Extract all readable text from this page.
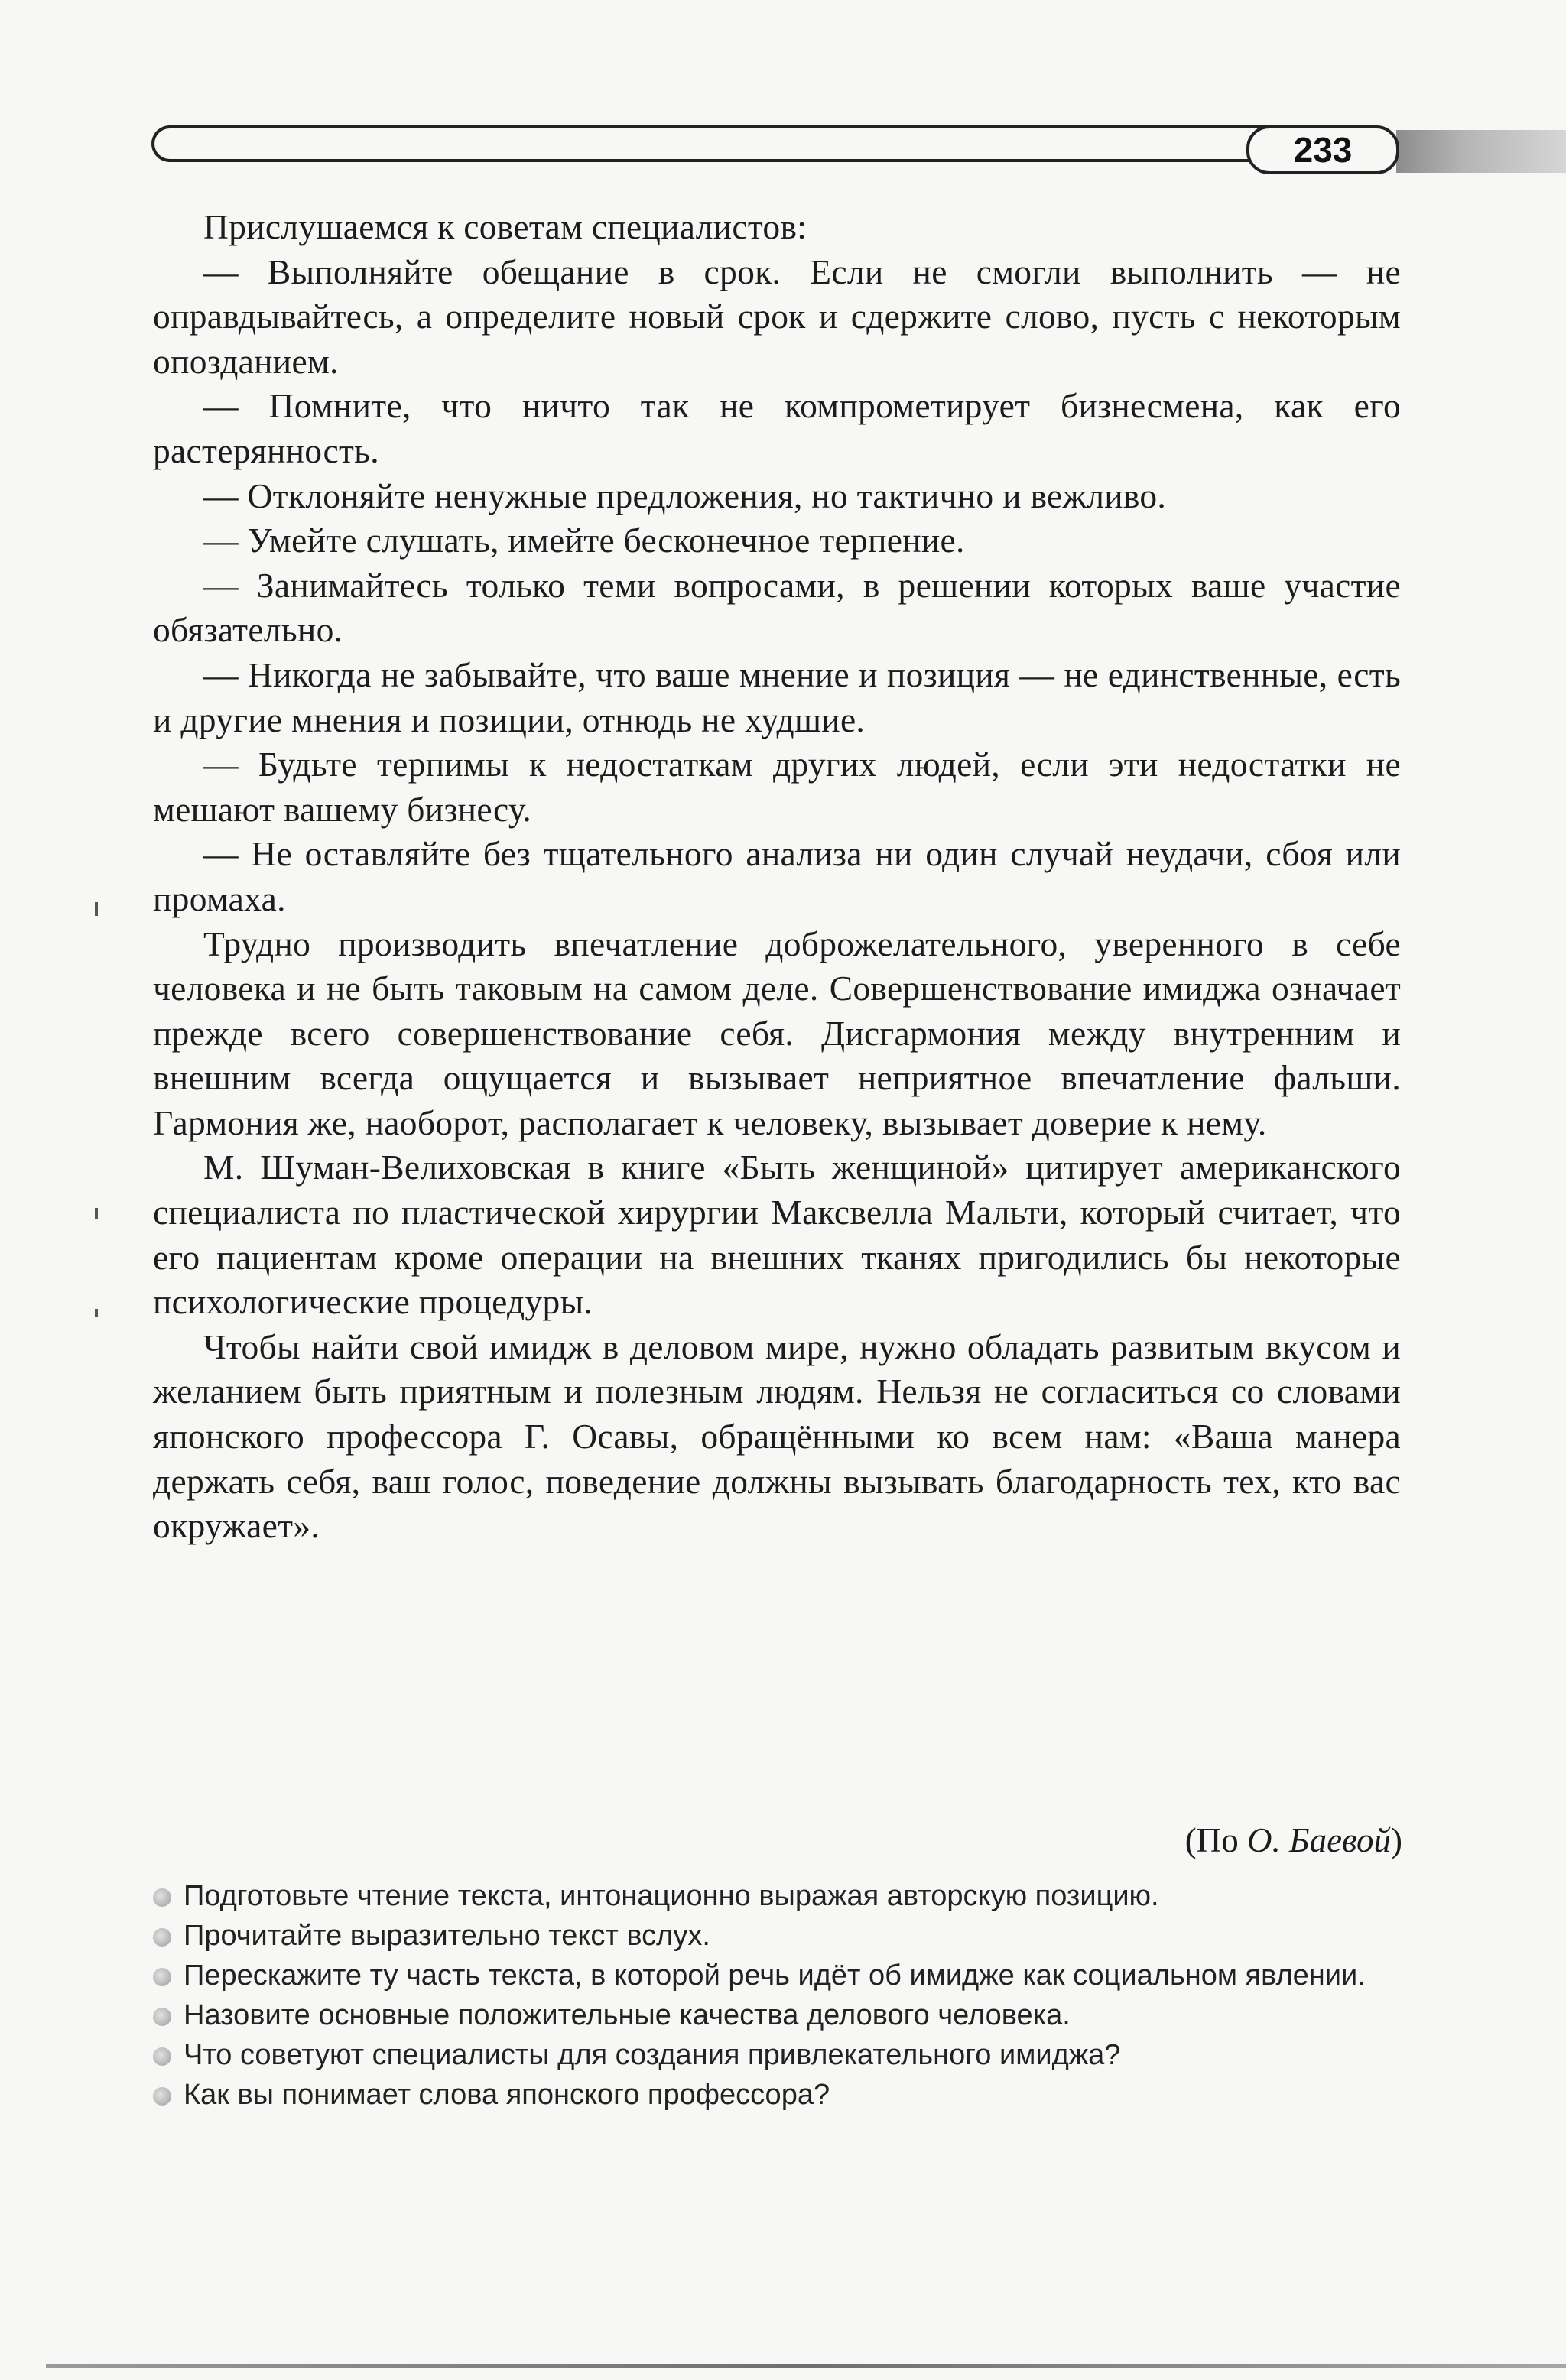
233

Прислушаемся к советам специалистов:

— Выполняйте обещание в срок. Если не смогли выполнить — не оправдывайтесь, а определите новый срок и сдержите слово, пусть с некоторым опозданием.

— Помните, что ничто так не компрометирует бизнесмена, как его растерянность.

— Отклоняйте ненужные предложения, но тактично и вежливо.

— Умейте слушать, имейте бесконечное терпение.

— Занимайтесь только теми вопросами, в решении которых ваше участие обязательно.

— Никогда не забывайте, что ваше мнение и позиция — не единственные, есть и другие мнения и позиции, отнюдь не худшие.

— Будьте терпимы к недостаткам других людей, если эти недостатки не мешают вашему бизнесу.

— Не оставляйте без тщательного анализа ни один случай неудачи, сбоя или промаха.

Трудно производить впечатление доброжелательного, уверенного в себе человека и не быть таковым на самом деле. Совершенствование имиджа означает прежде всего совершенствование себя. Дисгармония между внутренним и внешним всегда ощущается и вызывает неприятное впечатление фальши. Гармония же, наоборот, располагает к человеку, вызывает доверие к нему.

М. Шуман-Велиховская в книге «Быть женщиной» цитирует американского специалиста по пластической хирургии Максвелла Мальти, который считает, что его пациентам кроме операции на внешних тканях пригодились бы некоторые психологические процедуры.

Чтобы найти свой имидж в деловом мире, нужно обладать развитым вкусом и желанием быть приятным и полезным людям. Нельзя не согласиться со словами японского профессора Г. Осавы, обращёнными ко всем нам: «Ваша манера держать себя, ваш голос, поведение должны вызывать благодарность тех, кто вас окружает».

(По О. Баевой)

Подготовьте чтение текста, интонационно выражая авторскую позицию.

Прочитайте выразительно текст вслух.

Перескажите ту часть текста, в которой речь идёт об имидже как социальном явлении.

Назовите основные положительные качества делового человека.

Что советуют специалисты для создания привлекательного имиджа?

Как вы понимает слова японского профессора?
